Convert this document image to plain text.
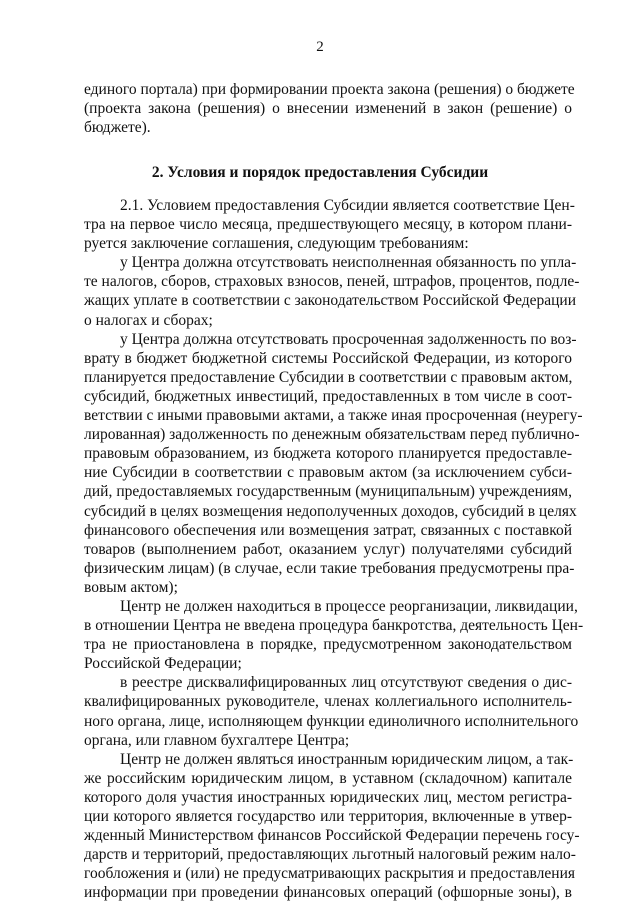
2

единого портала) при формировании проекта закона (решения) о бюджете

(проекта закона (решения) о внесении изменений в закон (решение) о

бюджете).

2. Условия и порядок предоставления Субсидии

2.1. Условием предоставления Субсидии является соответствие Цен-

тра на первое число месяца, предшествующего месяцу, в котором плани-

руется заключение соглашения, следующим требованиям:

у Центра должна отсутствовать неисполненная обязанность по упла-

те налогов, сборов, страховых взносов, пеней, штрафов, процентов, подле-

жащих уплате в соответствии с законодательством Российской Федерации

о налогах и сборах;

у Центра должна отсутствовать просроченная задолженность по воз-

врату в бюджет бюджетной системы Российской Федерации, из которого

планируется предоставление Субсидии в соответствии с правовым актом,

субсидий, бюджетных инвестиций, предоставленных в том числе в соот-

ветствии с иными правовыми актами, а также иная просроченная (неурегу-

лированная) задолженность по денежным обязательствам перед публично-

правовым образованием, из бюджета которого планируется предоставле-

ние Субсидии в соответствии с правовым актом (за исключением субси-

дий, предоставляемых государственным (муниципальным) учреждениям,

субсидий в целях возмещения недополученных доходов, субсидий в целях

финансового обеспечения или возмещения затрат, связанных с поставкой

товаров (выполнением работ, оказанием услуг) получателями субсидий

физическим лицам) (в случае, если такие требования предусмотрены пра-

вовым актом);

Центр не должен находиться в процессе реорганизации, ликвидации,

в отношении Центра не введена процедура банкротства, деятельность Цен-

тра не приостановлена в порядке, предусмотренном законодательством

Российской Федерации;

в реестре дисквалифицированных лиц отсутствуют сведения о дис-

квалифицированных руководителе, членах коллегиального исполнитель-

ного органа, лице, исполняющем функции единоличного исполнительного

органа, или главном бухгалтере Центра;

Центр не должен являться иностранным юридическим лицом, а так-

же российским юридическим лицом, в уставном (складочном) капитале

которого доля участия иностранных юридических лиц, местом регистра-

ции которого является государство или территория, включенные в утвер-

жденный Министерством финансов Российской Федерации перечень госу-

дарств и территорий, предоставляющих льготный налоговый режим нало-

гообложения и (или) не предусматривающих раскрытия и предоставления

информации при проведении финансовых операций (офшорные зоны), в
